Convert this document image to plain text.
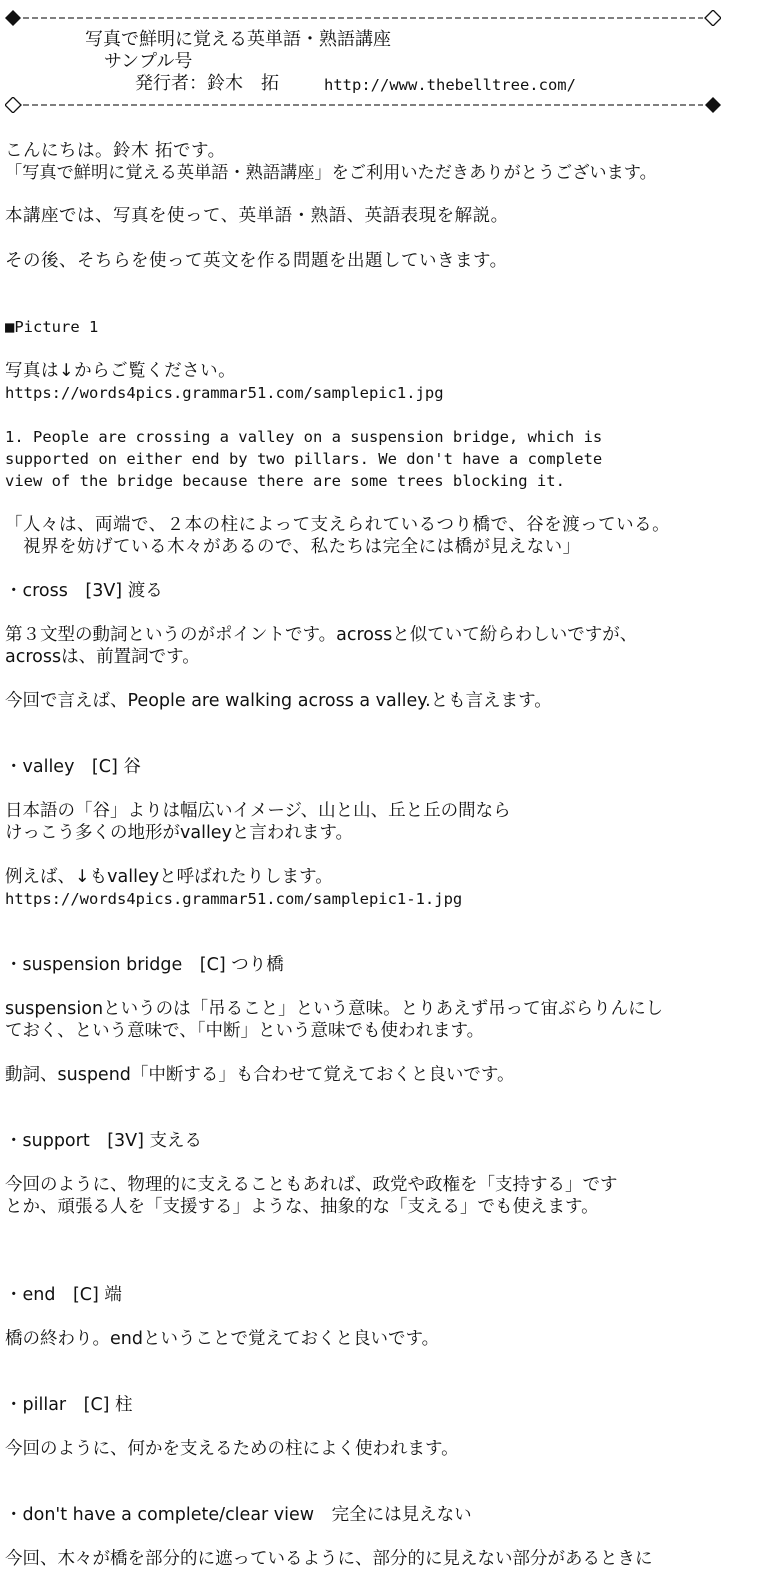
写真で鮮明に覚える英単語・熟語講座
サンプル号
発行者：鈴木　拓	http://www.thebelltree.com/
こんにちは。鈴木 拓です。
「写真で鮮明に覚える英単語・熟語講座」をご利用いただきありがとうございます。
本講座では、写真を使って、英単語・熟語、英語表現を解説。
その後、そちらを使って英文を作る問題を出題していきます。
■Picture 1
写真は↓からご覧ください。
https://words4pics.grammar51.com/samplepic1.jpg
1. People are crossing a valley on a suspension bridge, which is
supported on either end by two pillars. We don't have a complete
view of the bridge because there are some trees blocking it.
「人々は、両端で、２本の柱によって支えられているつり橋で、谷を渡っている。
　視界を妨げている木々があるので、私たちは完全には橋が見えない」
・cross　[3V] 渡る
第３文型の動詞というのがポイントです。acrossと似ていて紛らわしいですが、
acrossは、前置詞です。
今回で言えば、People are walking across a valley.とも言えます。
・valley　[C] 谷
日本語の「谷」よりは幅広いイメージ、山と山、丘と丘の間なら
けっこう多くの地形がvalleyと言われます。
例えば、↓もvalleyと呼ばれたりします。
https://words4pics.grammar51.com/samplepic1-1.jpg
・suspension bridge　[C] つり橋
suspensionというのは「吊ること」という意味。とりあえず吊って宙ぶらりんにし
ておく、という意味で、「中断」という意味でも使われます。
動詞、suspend「中断する」も合わせて覚えておくと良いです。
・support　[3V] 支える
今回のように、物理的に支えることもあれば、政党や政権を「支持する」です
とか、頑張る人を「支援する」ような、抽象的な「支える」でも使えます。
・end　[C] 端
橋の終わり。endということで覚えておくと良いです。
・pillar　[C] 柱
今回のように、何かを支えるための柱によく使われます。
・don't have a complete/clear view　完全には見えない
今回、木々が橋を部分的に遮っているように、部分的に見えない部分があるときに
